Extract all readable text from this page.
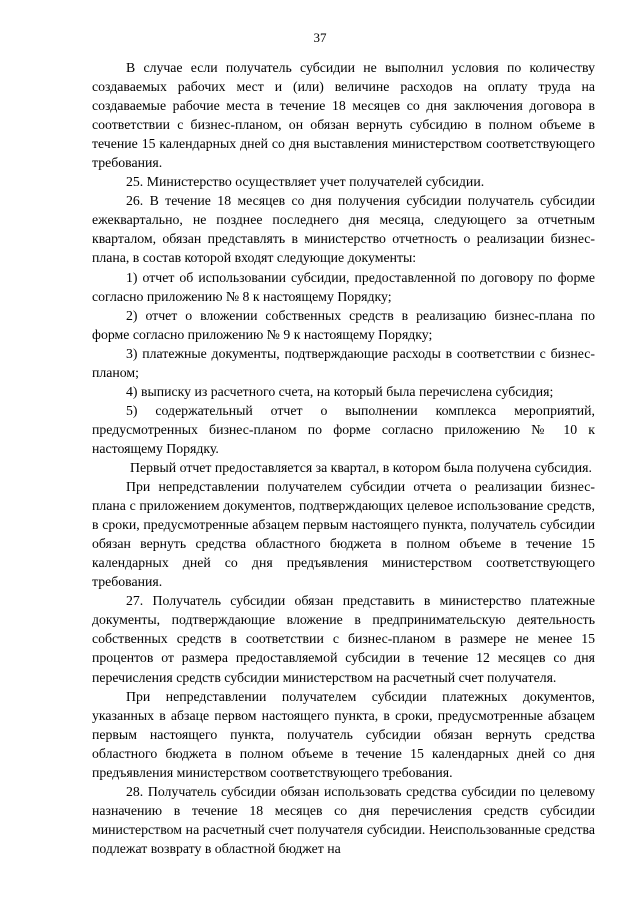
37

В случае если получатель субсидии не выполнил условия по количеству создаваемых рабочих мест и (или) величине расходов на оплату труда на создаваемые рабочие места в течение 18 месяцев со дня заключения договора в соответствии с бизнес-планом, он обязан вернуть субсидию в полном объеме в течение 15 календарных дней со дня выставления министерством соответствующего требования.

25. Министерство осуществляет учет получателей субсидии.

26. В течение 18 месяцев со дня получения субсидии получатель субсидии ежеквартально, не позднее последнего дня месяца, следующего за отчетным кварталом, обязан представлять в министерство отчетность о реализации бизнес-плана, в состав которой входят следующие документы:

1) отчет об использовании субсидии, предоставленной по договору по форме согласно приложению № 8 к настоящему Порядку;

2) отчет о вложении собственных средств в реализацию бизнес-плана по форме согласно приложению № 9 к настоящему Порядку;

3) платежные документы, подтверждающие расходы в соответствии с бизнес-планом;

4) выписку из расчетного счета, на который была перечислена субсидия;

5) содержательный отчет о выполнении комплекса мероприятий, предусмотренных бизнес-планом по форме согласно приложению № 10 к настоящему Порядку.

Первый отчет предоставляется за квартал, в котором была получена субсидия.

При непредставлении получателем субсидии отчета о реализации бизнес-плана с приложением документов, подтверждающих целевое использование средств, в сроки, предусмотренные абзацем первым настоящего пункта, получатель субсидии обязан вернуть средства областного бюджета в полном объеме в течение 15 календарных дней со дня предъявления министерством соответствующего требования.

27. Получатель субсидии обязан представить в министерство платежные документы, подтверждающие вложение в предпринимательскую деятельность собственных средств в соответствии с бизнес-планом в размере не менее 15 процентов от размера предоставляемой субсидии в течение 12 месяцев со дня перечисления средств субсидии министерством на расчетный счет получателя.

При непредставлении получателем субсидии платежных документов, указанных в абзаце первом настоящего пункта, в сроки, предусмотренные абзацем первым настоящего пункта, получатель субсидии обязан вернуть средства областного бюджета в полном объеме в течение 15 календарных дней со дня предъявления министерством соответствующего требования.

28. Получатель субсидии обязан использовать средства субсидии по целевому назначению в течение 18 месяцев со дня перечисления средств субсидии министерством на расчетный счет получателя субсидии. Неиспользованные средства подлежат возврату в областной бюджет на
